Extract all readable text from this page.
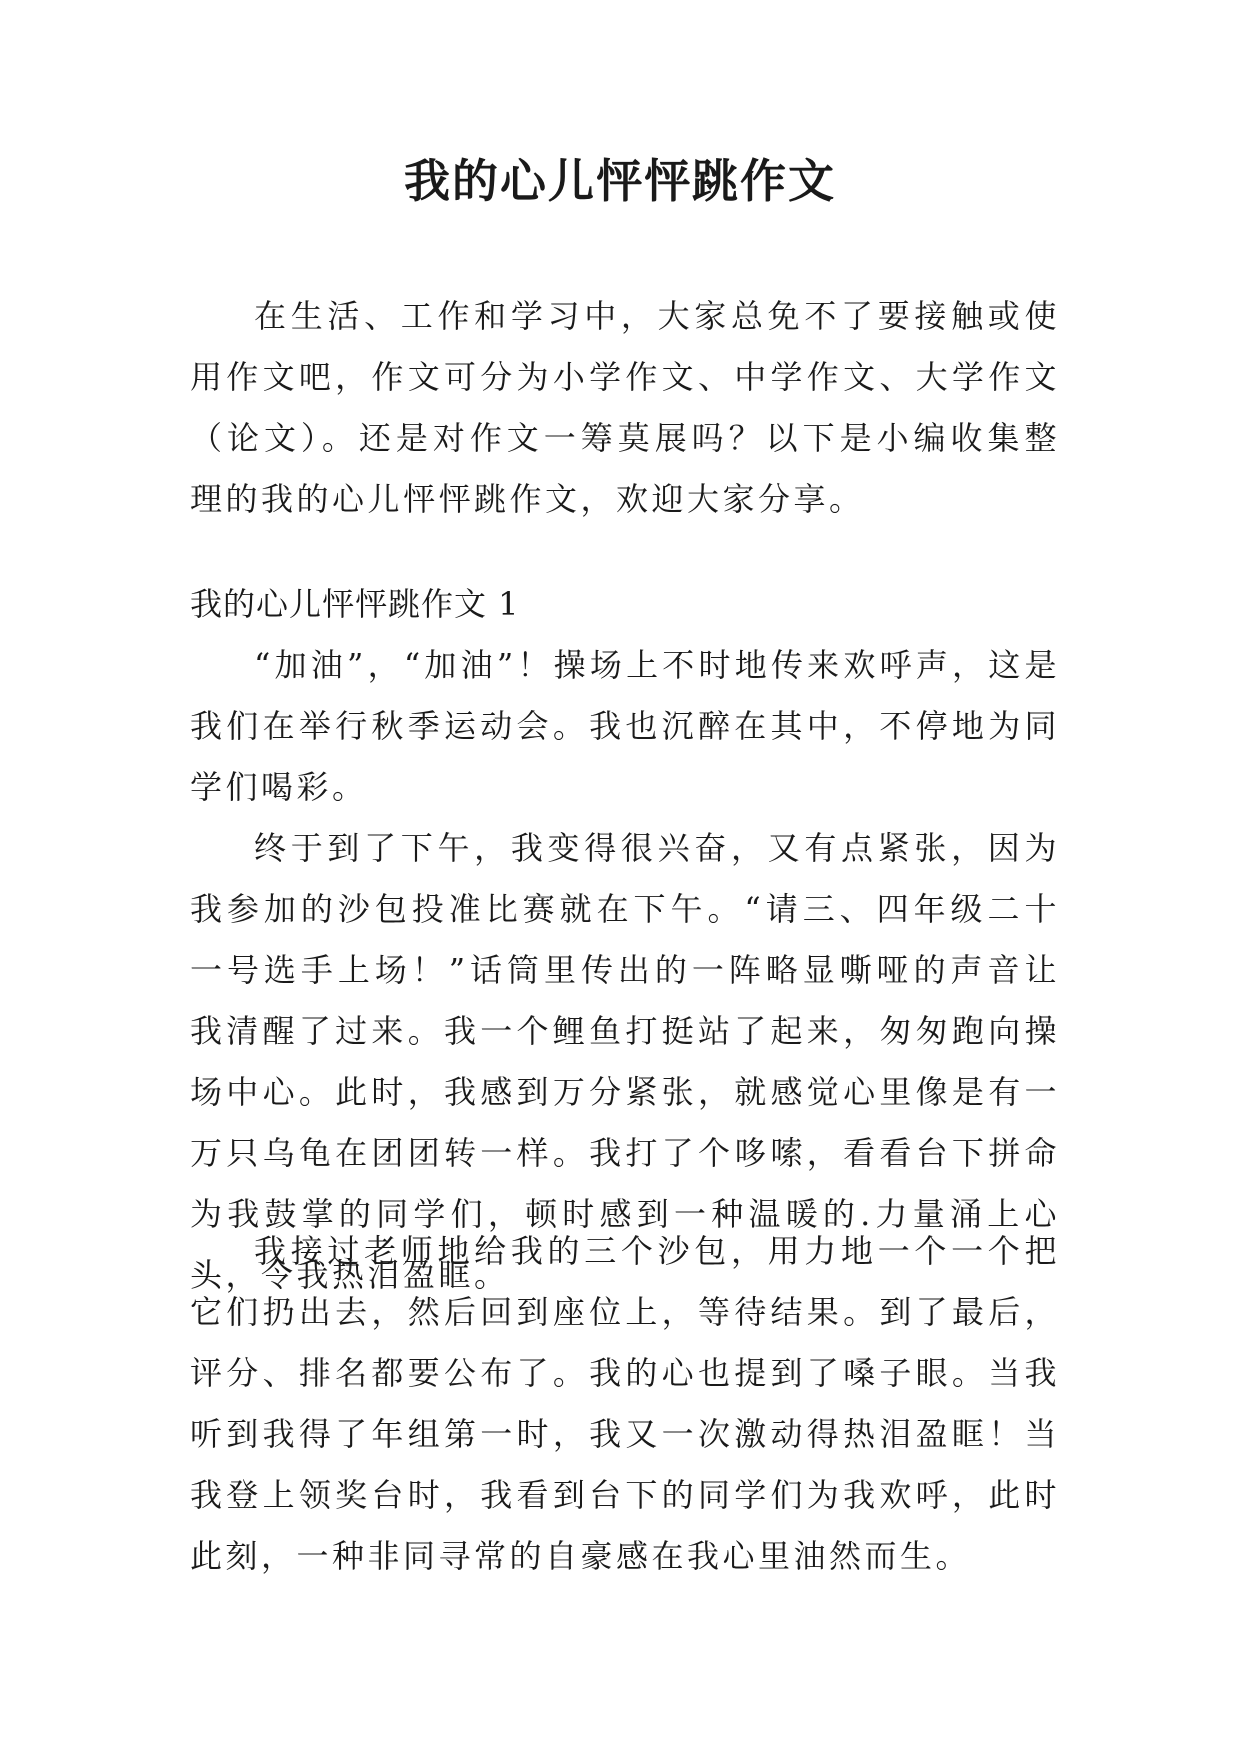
我的心儿怦怦跳作文

在生活、工作和学习中，大家总免不了要接触或使用作文吧，作文可分为小学作文、中学作文、大学作文（论文）。还是对作文一筹莫展吗？以下是小编收集整理的我的心儿怦怦跳作文，欢迎大家分享。

我的心儿怦怦跳作文 1

“加油”，“加油”！操场上不时地传来欢呼声，这是我们在举行秋季运动会。我也沉醉在其中，不停地为同学们喝彩。

终于到了下午，我变得很兴奋，又有点紧张，因为我参加的沙包投准比赛就在下午。“请三、四年级二十一号选手上场！”话筒里传出的一阵略显嘶哑的声音让我清醒了过来。我一个鲤鱼打挺站了起来，匆匆跑向操场中心。此时，我感到万分紧张，就感觉心里像是有一万只乌龟在团团转一样。我打了个哆嗦，看看台下拼命为我鼓掌的同学们，顿时感到一种温暖的.力量涌上心头，令我热泪盈眶。

我接过老师地给我的三个沙包，用力地一个一个把它们扔出去，然后回到座位上，等待结果。到了最后，评分、排名都要公布了。我的心也提到了嗓子眼。当我听到我得了年组第一时，我又一次激动得热泪盈眶！当我登上领奖台时，我看到台下的同学们为我欢呼，此时此刻，一种非同寻常的自豪感在我心里油然而生。
